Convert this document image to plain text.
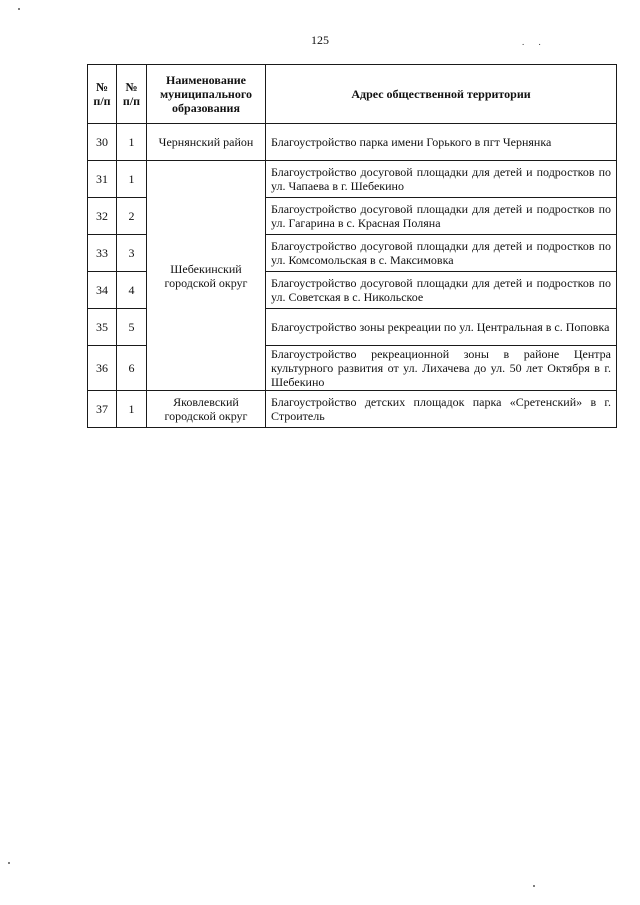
125	. .
№ п/п	№ п/п	Наименование муниципального образования	Адрес общественной территории
30	1	Чернянский район	Благоустройство парка имени Горького в пгт Чернянка
31	1	Шебекинский городской округ	Благоустройство досуговой площадки для детей и подростков по ул. Чапаева в г. Шебекино
32	2		Благоустройство досуговой площадки для детей и подростков по ул. Гагарина в с. Красная Поляна
33	3		Благоустройство досуговой площадки для детей и подростков по ул. Комсомольская в с. Максимовка
34	4		Благоустройство досуговой площадки для детей и подростков по ул. Советская в с. Никольское
35	5		Благоустройство зоны рекреации по ул. Центральная в с. Поповка
36	6		Благоустройство рекреационной зоны в районе Центра культурного развития от ул. Лихачева до ул. 50 лет Октября в г. Шебекино
37	1	Яковлевский городской округ	Благоустройство детских площадок парка «Сретенский» в г. Строитель
